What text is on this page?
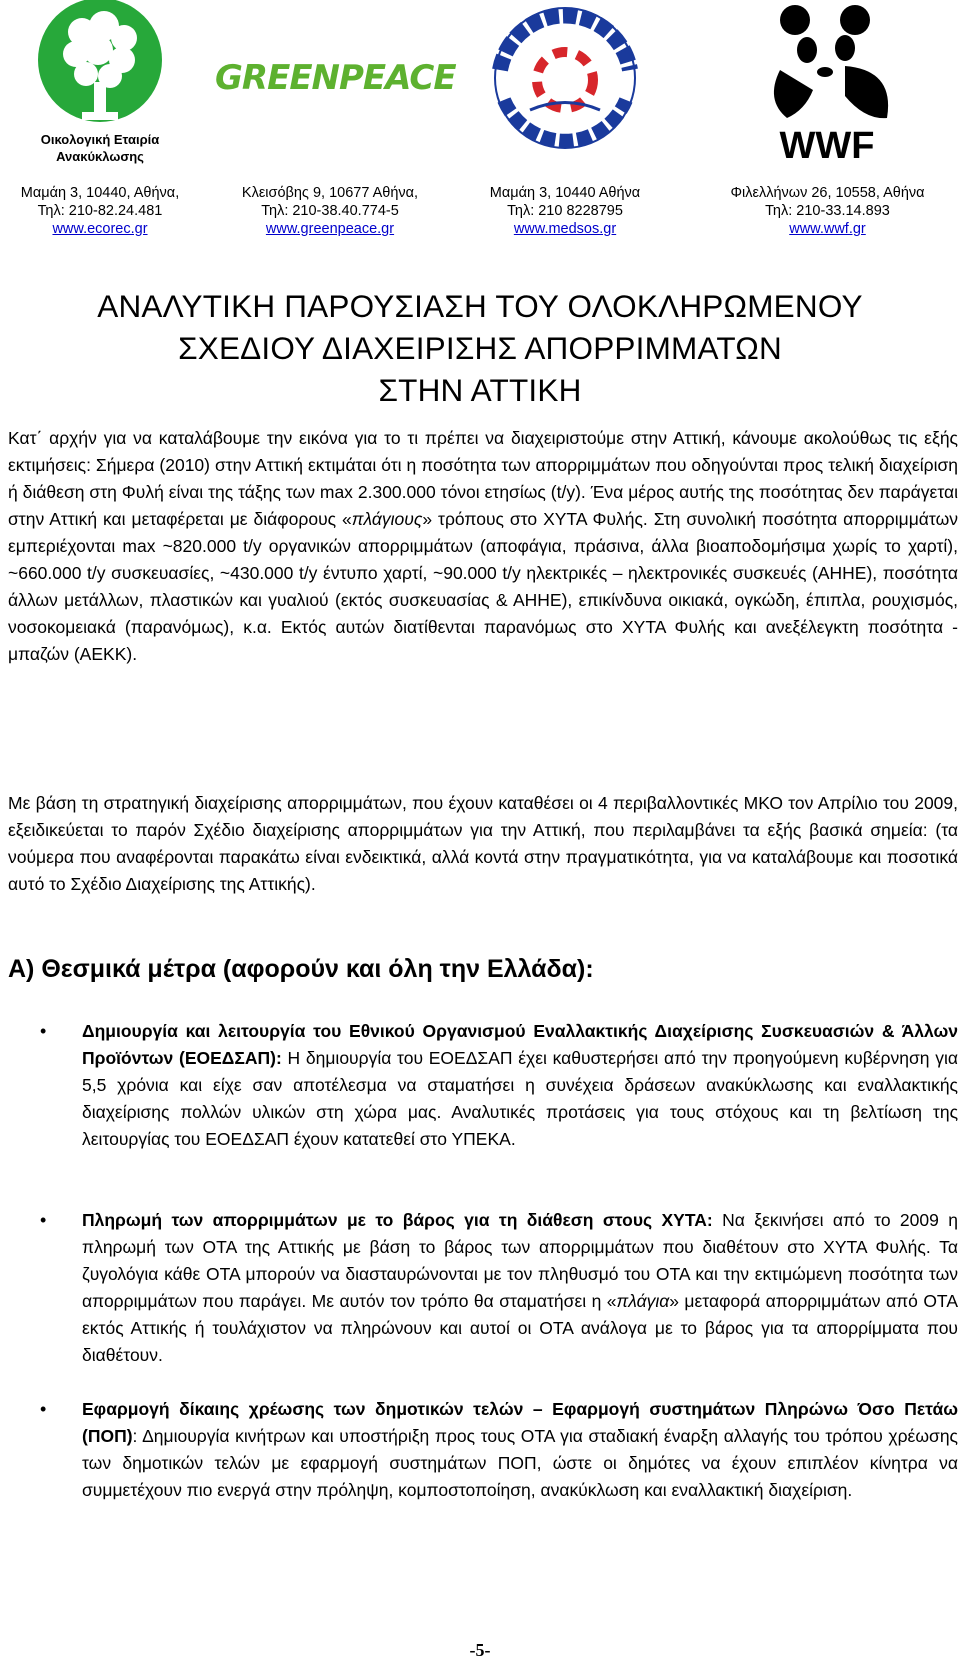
Οικολογική Εταιρία Ανακύκλωσης
Μαμάη 3, 10440, Αθήνα,
Τηλ: 210-82.24.481
www.ecorec.gr
GREENPEACE
Κλεισόβης 9, 10677 Αθήνα,
Τηλ: 210-38.40.774-5
www.greenpeace.gr
Μαμάη 3, 10440 Αθήνα
Τηλ: 210 8228795
www.medsos.gr
WWF
Φιλελλήνων 26, 10558, Αθήνα
Τηλ: 210-33.14.893
www.wwf.gr
ΑΝΑΛΥΤΙΚΗ ΠΑΡΟΥΣΙΑΣΗ ΤΟΥ ΟΛΟΚΛΗΡΩΜΕΝΟΥ
ΣΧΕΔΙΟΥ ΔΙΑΧΕΙΡΙΣΗΣ ΑΠΟΡΡΙΜΜΑΤΩΝ
ΣΤΗΝ ΑΤΤΙΚΗ
Κατ΄ αρχήν για να καταλάβουμε την εικόνα για το τι πρέπει να διαχειριστούμε στην Αττική, κάνουμε ακολούθως τις εξής εκτιμήσεις: Σήμερα (2010) στην Αττική εκτιμάται ότι η ποσότητα των απορριμμάτων που οδηγούνται προς τελική διαχείριση ή διάθεση στη Φυλή είναι της τάξης των max 2.300.000 τόνοι ετησίως (t/y). Ένα μέρος αυτής της ποσότητας δεν παράγεται στην Αττική και μεταφέρεται με διάφορους «πλάγιους» τρόπους στο ΧΥΤΑ Φυλής. Στη συνολική ποσότητα απορριμμάτων εμπεριέχονται max ~820.000 t/y οργανικών απορριμμάτων (αποφάγια, πράσινα, άλλα βιοαποδομήσιμα χωρίς το χαρτί), ~660.000 t/y συσκευασίες, ~430.000 t/y έντυπο χαρτί, ~90.000 t/y ηλεκτρικές – ηλεκτρονικές συσκευές (ΑΗΗΕ), ποσότητα άλλων μετάλλων, πλαστικών και γυαλιού (εκτός συσκευασίας & ΑΗΗΕ), επικίνδυνα οικιακά, ογκώδη, έπιπλα, ρουχισμός, νοσοκομειακά (παρανόμως), κ.α. Εκτός αυτών διατίθενται παρανόμως στο ΧΥΤΑ Φυλής και ανεξέλεγκτη ποσότητα - μπαζών (ΑΕΚΚ).
Με βάση τη στρατηγική διαχείρισης απορριμμάτων, που έχουν καταθέσει οι 4 περιβαλλοντικές ΜΚΟ τον Απρίλιο του 2009, εξειδικεύεται το παρόν Σχέδιο διαχείρισης απορριμμάτων για την Αττική, που περιλαμβάνει τα εξής βασικά σημεία: (τα νούμερα που αναφέρονται παρακάτω είναι ενδεικτικά, αλλά κοντά στην πραγματικότητα, για να καταλάβουμε και ποσοτικά αυτό το Σχέδιο Διαχείρισης της Αττικής).
Α) Θεσμικά μέτρα (αφορούν και όλη την Ελλάδα):
• Δημιουργία και λειτουργία του Εθνικού Οργανισμού Εναλλακτικής Διαχείρισης Συσκευασιών & Άλλων Προϊόντων (ΕΟΕΔΣΑΠ): Η δημιουργία του ΕΟΕΔΣΑΠ έχει καθυστερήσει από την προηγούμενη κυβέρνηση για 5,5 χρόνια και είχε σαν αποτέλεσμα να σταματήσει η συνέχεια δράσεων ανακύκλωσης και εναλλακτικής διαχείρισης πολλών υλικών στη χώρα μας. Αναλυτικές προτάσεις για τους στόχους και τη βελτίωση της λειτουργίας του ΕΟΕΔΣΑΠ έχουν κατατεθεί στο ΥΠΕΚΑ.
• Πληρωμή των απορριμμάτων με το βάρος για τη διάθεση στους ΧΥΤΑ: Να ξεκινήσει από το 2009 η πληρωμή των ΟΤΑ της Αττικής με βάση το βάρος των απορριμμάτων που διαθέτουν στο ΧΥΤΑ Φυλής. Τα ζυγολόγια κάθε ΟΤΑ μπορούν να διασταυρώνονται με τον πληθυσμό του ΟΤΑ και την εκτιμώμενη ποσότητα των απορριμμάτων που παράγει. Με αυτόν τον τρόπο θα σταματήσει η «πλάγια» μεταφορά απορριμμάτων από ΟΤΑ εκτός Αττικής ή τουλάχιστον να πληρώνουν και αυτοί οι ΟΤΑ ανάλογα με το βάρος για τα απορρίμματα που διαθέτουν.
• Εφαρμογή δίκαιης χρέωσης των δημοτικών τελών – Εφαρμογή συστημάτων Πληρώνω Όσο Πετάω (ΠΟΠ): Δημιουργία κινήτρων και υποστήριξη προς τους ΟΤΑ για σταδιακή έναρξη αλλαγής του τρόπου χρέωσης των δημοτικών τελών με εφαρμογή συστημάτων ΠΟΠ, ώστε οι δημότες να έχουν επιπλέον κίνητρα να συμμετέχουν πιο ενεργά στην πρόληψη, κομποστοποίηση, ανακύκλωση και εναλλακτική διαχείριση.
-5-
